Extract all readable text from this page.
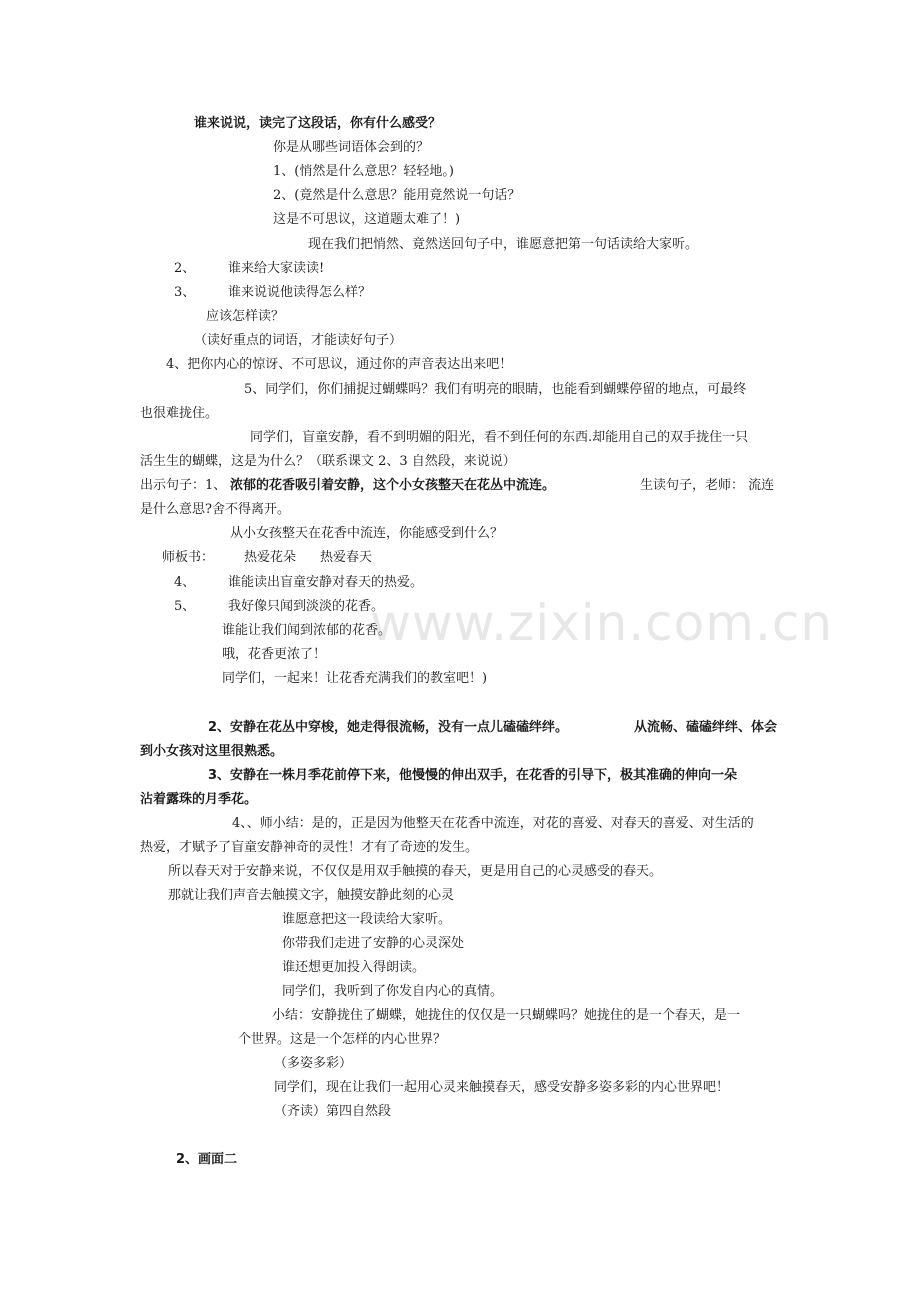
www.zixin.com.cn
谁来说说，读完了这段话，你有什么感受？
你是从哪些词语体会到的？
1、(悄然是什么意思？轻轻地。)
2、(竟然是什么意思？能用竟然说一句话？
这是不可思议，这道题太难了！)
现在我们把悄然、竟然送回句子中，谁愿意把第一句话读给大家听。
2、	谁来给大家读读!
3、	谁来说说他读得怎么样？
应该怎样读？
（读好重点的词语，才能读好句子）
4、把你内心的惊讶、不可思议，通过你的声音表达出来吧！
5、同学们，你们捕捉过蝴蝶吗？我们有明亮的眼睛，也能看到蝴蝶停留的地点，可最终
也很难拢住。
同学们，盲童安静，看不到明媚的阳光，看不到任何的东西.却能用自己的双手拢住一只
活生生的蝴蝶，这是为什么？（联系课文 2、3 自然段，来说说）
出示句子：1、 浓郁的花香吸引着安静，这个小女孩整天在花丛中流连。	生读句子，老师： 流连
是什么意思?舍不得离开。
从小女孩整天在花香中流连，你能感受到什么？
师板书： 热爱花朵 热爱春天
4、	谁能读出盲童安静对春天的热爱。
5、	我好像只闻到淡淡的花香。
谁能让我们闻到浓郁的花香。
哦，花香更浓了！
同学们，一起来！让花香充满我们的教室吧！)
2、安静在花丛中穿梭，她走得很流畅，没有一点儿磕磕绊绊。	从流畅、磕磕绊绊、体会
到小女孩对这里很熟悉。
3、安静在一株月季花前停下来，他慢慢的伸出双手，在花香的引导下，极其准确的伸向一朵
沾着露珠的月季花。
4、、师小结：是的，正是因为他整天在花香中流连，对花的喜爱、对春天的喜爱、对生活的
热爱，才赋予了盲童安静神奇的灵性！才有了奇迹的发生。
所以春天对于安静来说，不仅仅是用双手触摸的春天，更是用自己的心灵感受的春天。
那就让我们声音去触摸文字，触摸安静此刻的心灵
谁愿意把这一段读给大家听。
你带我们走进了安静的心灵深处
谁还想更加投入得朗读。
同学们，我听到了你发自内心的真情。
小结：安静拢住了蝴蝶，她拢住的仅仅是一只蝴蝶吗？她拢住的是一个春天，是一
个世界。这是一个怎样的内心世界？
（多姿多彩）
同学们，现在让我们一起用心灵来触摸春天，感受安静多姿多彩的内心世界吧！
（齐读）第四自然段
2、画面二
